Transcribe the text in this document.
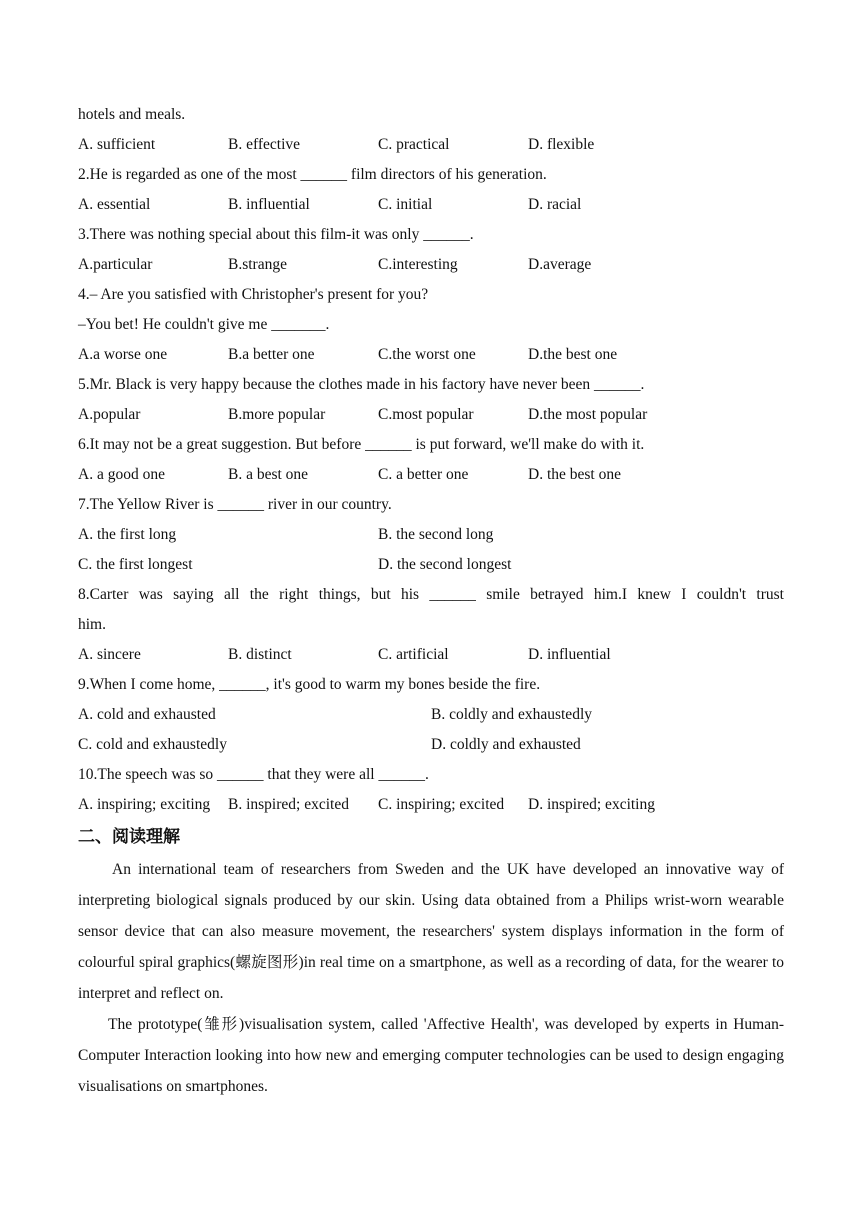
hotels and meals.
A. sufficient	B. effective	C. practical	D. flexible
2.He is regarded as one of the most ______ film directors of his generation.
A. essential	B. influential	C. initial	D. racial
3.There was nothing special about this film-it was only ______.
A.particular	B.strange	C.interesting	D.average
4.– Are you satisfied with Christopher's present for you?
–You bet! He couldn't give me _______.
A.a worse one	B.a better one	C.the worst one	D.the best one
5.Mr. Black is very happy because the clothes made in his factory have never been ______.
A.popular	B.more popular	C.most popular	D.the most popular
6.It may not be a great suggestion. But before ______ is put forward, we'll make do with it.
A. a good one	B. a best one	C. a better one	D. the best one
7.The Yellow River is ______ river in our country.
A. the first long	B. the second long
C. the first longest	D. the second longest
8.Carter was saying all the right things, but his ______ smile betrayed him.I knew I couldn't trust
him.
A. sincere	B. distinct	C. artificial	D. influential
9.When I come home, ______, it's good to warm my bones beside the fire.
A. cold and exhausted	B. coldly and exhaustedly
C. cold and exhaustedly	D. coldly and exhausted
10.The speech was so ______ that they were all ______.
A. inspiring; exciting	B. inspired; excited	C. inspiring; excited	D. inspired; exciting
二、阅读理解

An international team of researchers from Sweden and the UK have developed an innovative way of interpreting biological signals produced by our skin. Using data obtained from a Philips wrist-worn wearable sensor device that can also measure movement, the researchers' system displays information in the form of colourful spiral graphics(螺旋图形)in real time on a smartphone, as well as a recording of data, for the wearer to interpret and reflect on.

The prototype(雏形)visualisation system, called 'Affective Health', was developed by experts in Human-Computer Interaction looking into how new and emerging computer technologies can be used to design engaging visualisations on smartphones.
